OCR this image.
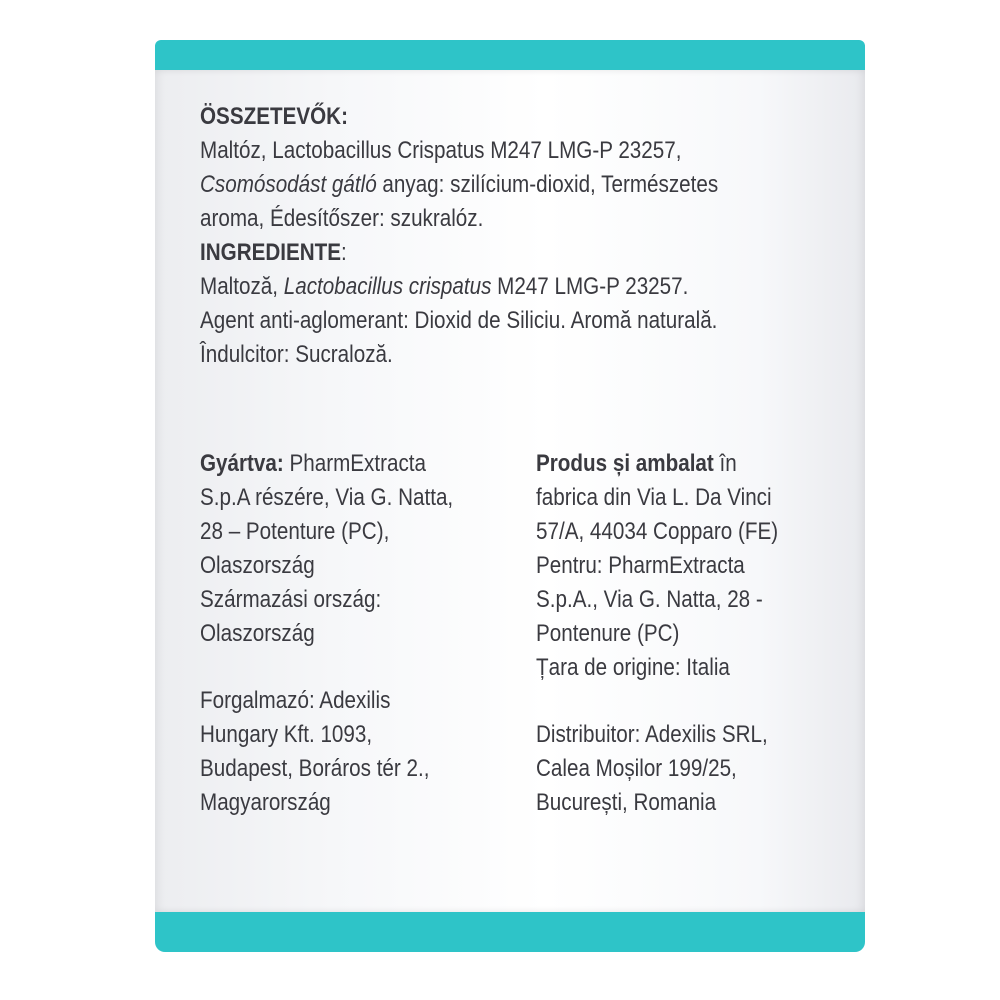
ÖSSZETEVŐK:
Maltóz, Lactobacillus Crispatus M247 LMG-P 23257,
Csomósodást gátló anyag: szilícium-dioxid, Természetes
aroma, Édesítőszer: szukralóz.
INGREDIENTE:
Maltoză, Lactobacillus crispatus M247 LMG-P 23257.
Agent anti-aglomerant: Dioxid de Siliciu. Aromă naturală.
Îndulcitor: Sucraloză.
Gyártva: PharmExtracta
S.p.A részére, Via G. Natta,
28 – Potenture (PC),
Olaszország
Származási ország:
Olaszország
Forgalmazó: Adexilis
Hungary Kft. 1093,
Budapest, Boráros tér 2.,
Magyarország
Produs și ambalat în
fabrica din Via L. Da Vinci
57/A, 44034 Copparo (FE)
Pentru: PharmExtracta
S.p.A., Via G. Natta, 28 -
Pontenure (PC)
Țara de origine: Italia
Distribuitor: Adexilis SRL,
Calea Moșilor 199/25,
București, Romania
